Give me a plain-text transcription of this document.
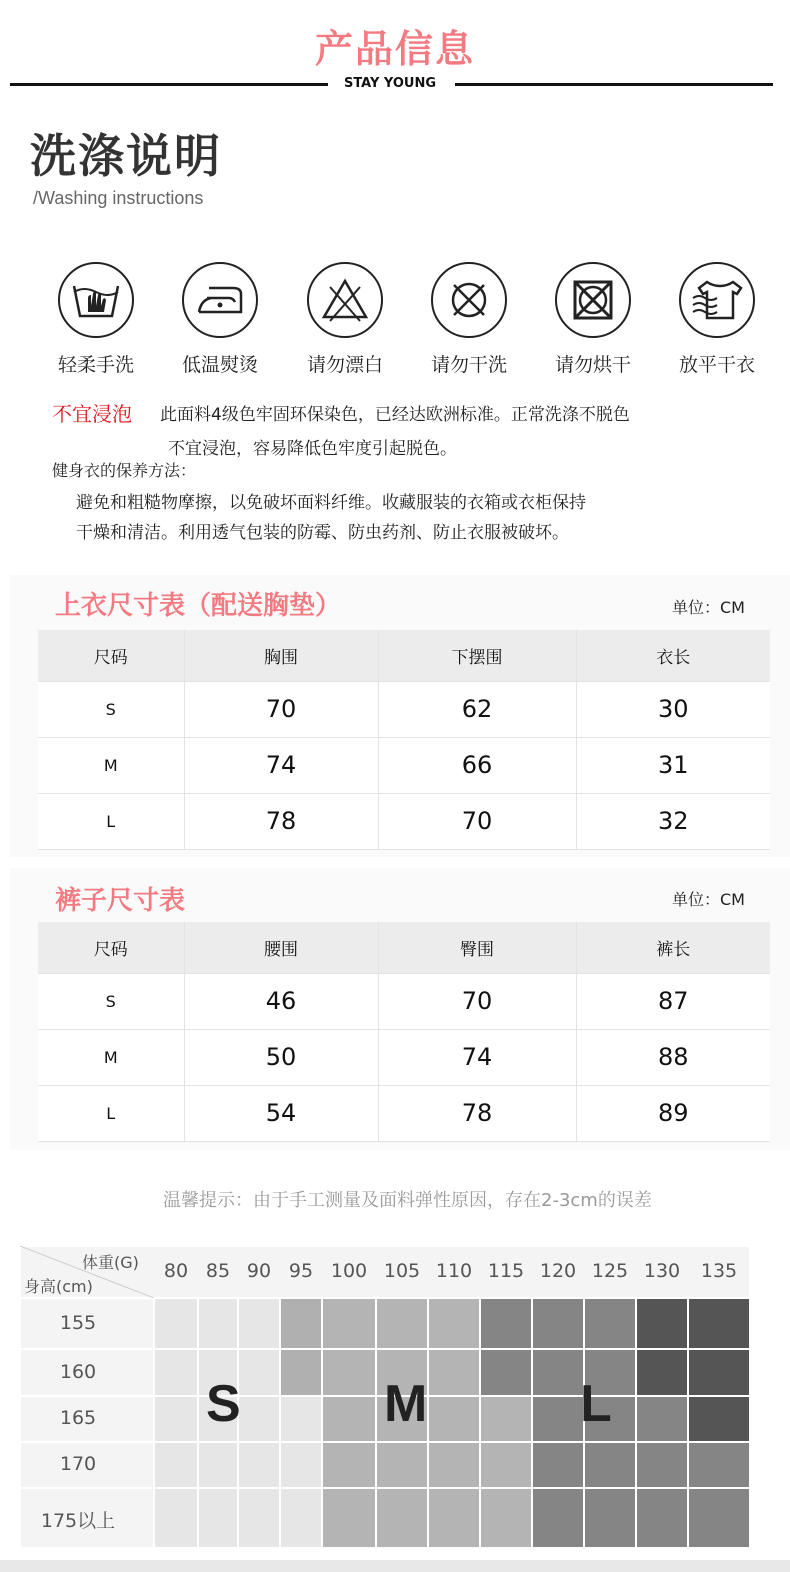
产品信息
STAY YOUNG
洗涤说明
/Washing instructions
轻柔手洗	低温熨烫	请勿漂白	请勿干洗	请勿烘干	放平干衣
不宜浸泡 此面料4级色牢固环保染色，已经达欧洲标准。正常洗涤不脱色
不宜浸泡，容易降低色牢度引起脱色。
健身衣的保养方法：
避免和粗糙物摩擦，以免破坏面料纤维。收藏服装的衣箱或衣柜保持
干燥和清洁。利用透气包装的防霉、防虫药剂、防止衣服被破坏。
上衣尺寸表（配送胸垫）	单位：CM
尺码	胸围	下摆围	衣长
S	70	62	30
M	74	66	31
L	78	70	32
裤子尺寸表	单位：CM
尺码	腰围	臀围	裤长
S	46	70	87
M	50	74	88
L	54	78	89
温馨提示：由于手工测量及面料弹性原因，存在2-3cm的误差
体重(G)
身高(cm)
80 85 90 95 100 105 110 115 120 125 130	135
155
160
165
170
175以上
S	M	L
